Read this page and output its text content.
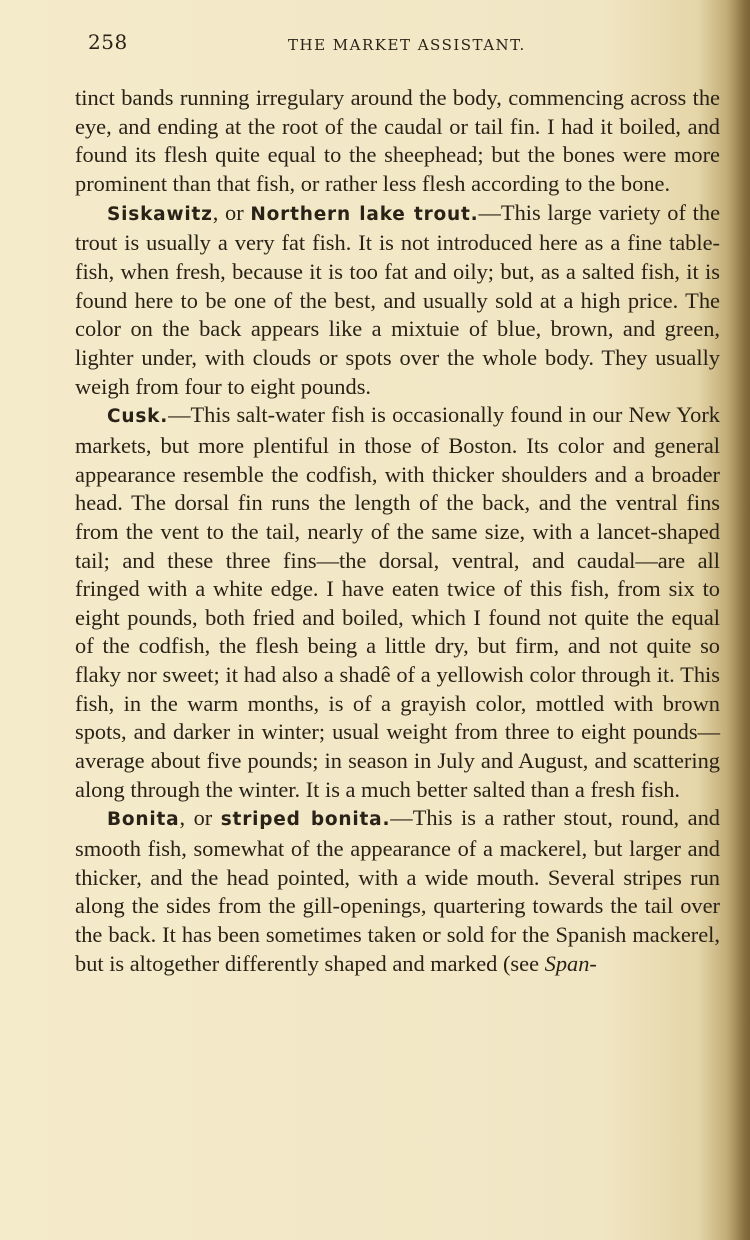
258	THE MARKET ASSISTANT.

tinct bands running irregulary around the body, commencing across the eye, and ending at the root of the caudal or tail fin. I had it boiled, and found its flesh quite equal to the sheephead; but the bones were more prominent than that fish, or rather less flesh according to the bone.

Siskawitz, or Northern lake trout.—This large variety of the trout is usually a very fat fish. It is not introduced here as a fine table-fish, when fresh, because it is too fat and oily; but, as a salted fish, it is found here to be one of the best, and usually sold at a high price. The color on the back appears like a mixtuie of blue, brown, and green, lighter under, with clouds or spots over the whole body. They usually weigh from four to eight pounds.

Cusk.—This salt-water fish is occasionally found in our New York markets, but more plentiful in those of Boston. Its color and general appearance resemble the codfish, with thicker shoulders and a broader head. The dorsal fin runs the length of the back, and the ventral fins from the vent to the tail, nearly of the same size, with a lancet-shaped tail; and these three fins—the dorsal, ventral, and caudal—are all fringed with a white edge. I have eaten twice of this fish, from six to eight pounds, both fried and boiled, which I found not quite the equal of the codfish, the flesh being a little dry, but firm, and not quite so flaky nor sweet; it had also a shadê of a yellowish color through it. This fish, in the warm months, is of a grayish color, mottled with brown spots, and darker in winter; usual weight from three to eight pounds—average about five pounds; in season in July and August, and scattering along through the winter. It is a much better salted than a fresh fish.

Bonita, or striped bonita.—This is a rather stout, round, and smooth fish, somewhat of the appearance of a mackerel, but larger and thicker, and the head pointed, with a wide mouth. Several stripes run along the sides from the gill-openings, quartering towards the tail over the back. It has been sometimes taken or sold for the Spanish mackerel, but is altogether differently shaped and marked (see Span-
